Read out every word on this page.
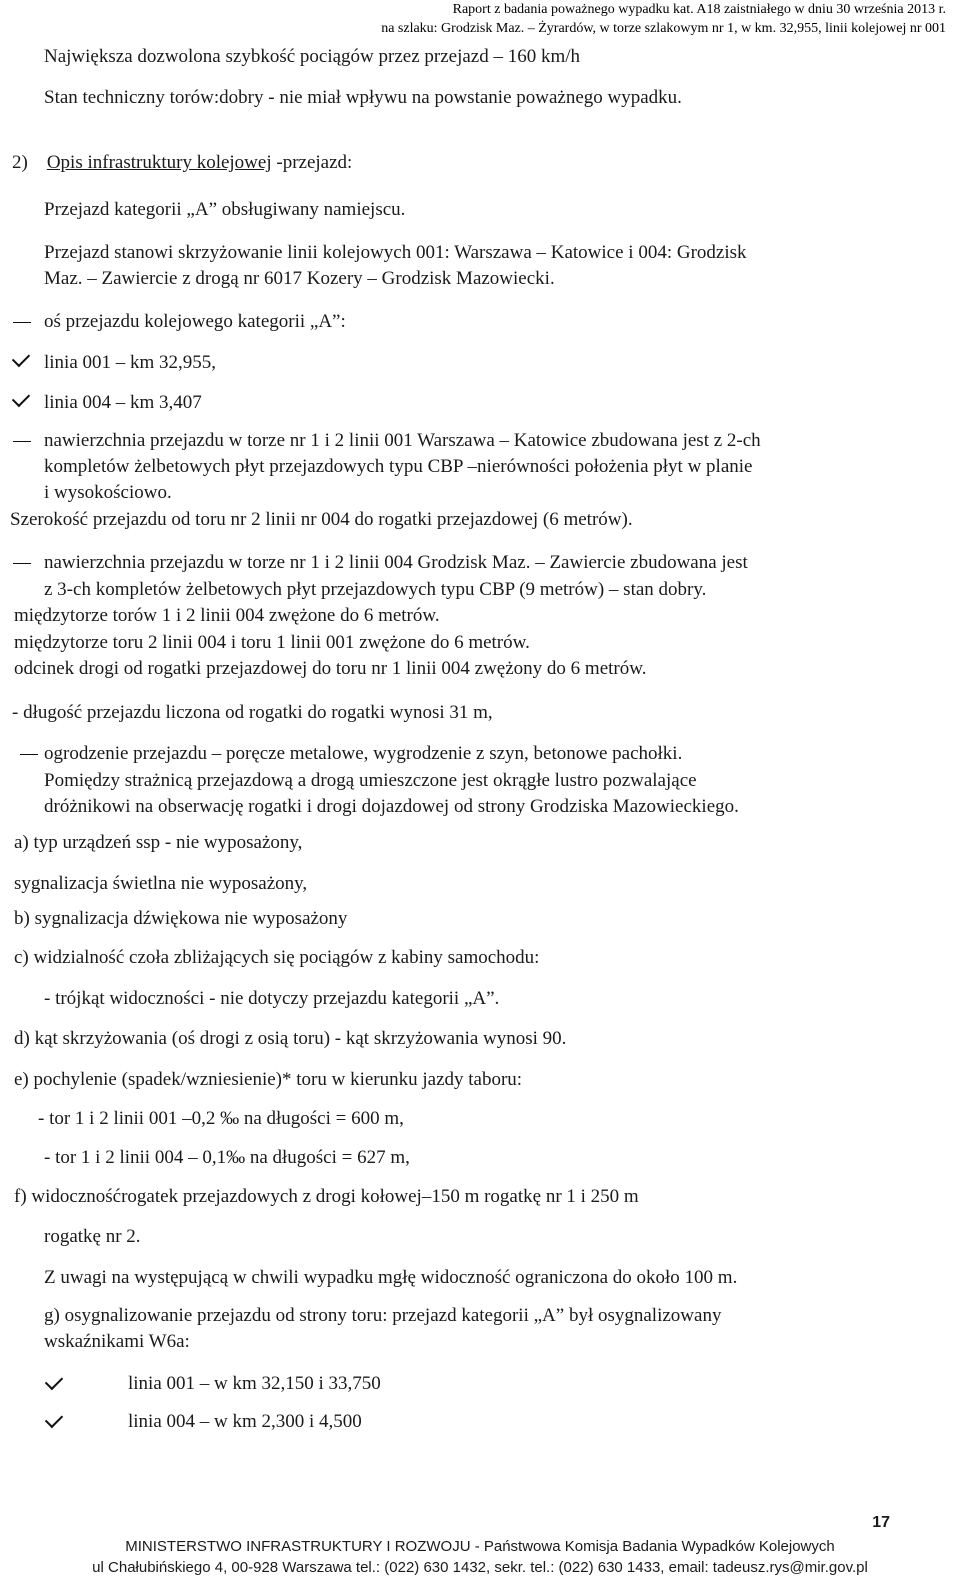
Raport z badania poważnego wypadku kat. A18 zaistniałego w dniu 30 września 2013 r.
na szlaku: Grodzisk Maz. – Żyrardów, w torze szlakowym nr 1, w km. 32,955, linii kolejowej nr 001
Największa dozwolona szybkość pociągów przez przejazd – 160 km/h
Stan techniczny torów:dobry - nie miał wpływu na powstanie poważnego wypadku.
2) Opis infrastruktury kolejowej -przejazd:
Przejazd kategorii „A” obsługiwany namiejscu.
Przejazd stanowi skrzyżowanie linii kolejowych 001: Warszawa – Katowice i 004: Grodzisk
Maz. – Zawiercie z drogą nr 6017 Kozery – Grodzisk Mazowiecki.
oś przejazdu kolejowego kategorii „A”:
linia 001 – km 32,955,
linia 004 – km 3,407
nawierzchnia przejazdu w torze nr 1 i 2 linii 001 Warszawa – Katowice zbudowana jest z 2-ch
kompletów żelbetowych płyt przejazdowych typu CBP –nierówności położenia płyt w planie
i wysokościowo.
Szerokość przejazdu od toru nr 2 linii nr 004 do rogatki przejazdowej (6 metrów).
nawierzchnia przejazdu w torze nr 1 i 2 linii 004 Grodzisk Maz. – Zawiercie zbudowana jest
z 3-ch kompletów żelbetowych płyt przejazdowych typu CBP (9 metrów) – stan dobry.
międzytorze torów 1 i 2 linii 004 zwężone do 6 metrów.
międzytorze toru 2 linii 004 i toru 1 linii 001 zwężone do 6 metrów.
odcinek drogi od rogatki przejazdowej do toru nr 1 linii 004 zwężony do 6 metrów.
- długość przejazdu liczona od rogatki do rogatki wynosi 31 m,
ogrodzenie przejazdu – poręcze metalowe, wygrodzenie z szyn, betonowe pachołki.
Pomiędzy strażnicą przejazdową a drogą umieszczone jest okrągłe lustro pozwalające
dróżnikowi na obserwację rogatki i drogi dojazdowej od strony Grodziska Mazowieckiego.
a) typ urządzeń ssp - nie wyposażony,
sygnalizacja świetlna nie wyposażony,
b) sygnalizacja dźwiękowa nie wyposażony
c) widzialność czoła zbliżających się pociągów z kabiny samochodu:
- trójkąt widoczności - nie dotyczy przejazdu kategorii „A”.
d) kąt skrzyżowania (oś drogi z osią toru) - kąt skrzyżowania wynosi 90.
e) pochylenie (spadek/wzniesienie)* toru w kierunku jazdy taboru:
- tor 1 i 2 linii 001 –0,2 ‰ na długości = 600 m,
- tor 1 i 2 linii 004 – 0,1‰ na długości = 627 m,
f) widocznośćrogatek przejazdowych z drogi kołowej–150 m rogatkę nr 1 i 250 m
rogatkę nr 2.
Z uwagi na występującą w chwili wypadku mgłę widoczność ograniczona do około 100 m.
g) osygnalizowanie przejazdu od strony toru: przejazd kategorii „A” był osygnalizowany
wskaźnikami W6a:
linia 001 – w km 32,150 i 33,750
linia 004 – w km 2,300 i 4,500
17
MINISTERSTWO INFRASTRUKTURY I ROZWOJU - Państwowa Komisja Badania Wypadków Kolejowych
ul Chałubińskiego 4, 00-928 Warszawa tel.: (022) 630 1432, sekr. tel.: (022) 630 1433, email: tadeusz.rys@mir.gov.pl
